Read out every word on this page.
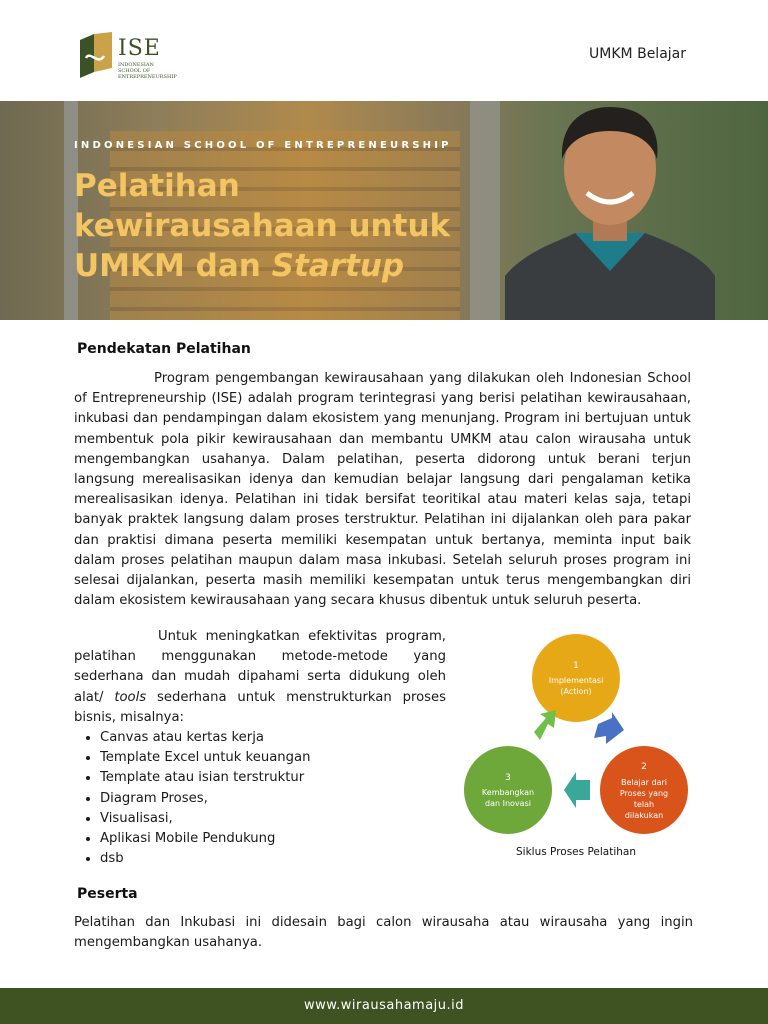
ISE
INDONESIAN
SCHOOL OF
ENTREPRENEURSHIP
UMKM Belajar
INDONESIAN SCHOOL OF ENTREPRENEURSHIP
Pelatihan
kewirausahaan untuk
UMKM dan Startup
Pendekatan Pelatihan
Program pengembangan kewirausahaan yang dilakukan oleh Indonesian School of Entrepreneurship (ISE) adalah program terintegrasi yang berisi pelatihan kewirausahaan, inkubasi dan pendampingan dalam ekosistem yang menunjang. Program ini bertujuan untuk membentuk pola pikir kewirausahaan dan membantu UMKM atau calon wirausaha untuk mengembangkan usahanya. Dalam pelatihan, peserta didorong untuk berani terjun langsung merealisasikan idenya dan kemudian belajar langsung dari pengalaman ketika merealisasikan idenya. Pelatihan ini tidak bersifat teoritikal atau materi kelas saja, tetapi banyak praktek langsung dalam proses terstruktur. Pelatihan ini dijalankan oleh para pakar dan praktisi dimana peserta memiliki kesempatan untuk bertanya, meminta input baik dalam proses pelatihan maupun dalam masa inkubasi. Setelah seluruh proses program ini selesai dijalankan, peserta masih memiliki kesempatan untuk terus mengembangkan diri dalam ekosistem kewirausahaan yang secara khusus dibentuk untuk seluruh peserta.
Untuk meningkatkan efektivitas program, pelatihan menggunakan metode-metode yang sederhana dan mudah dipahami serta didukung oleh alat/ tools sederhana untuk menstrukturkan proses bisnis, misalnya:
• Canvas atau kertas kerja
• Template Excel untuk keuangan
• Template atau isian terstruktur
• Diagram Proses,
• Visualisasi,
• Aplikasi Mobile Pendukung
• dsb
1
Implementasi
(Action)
2
Belajar dari
Proses yang
telah
dilakukan
3
Kembangkan
dan Inovasi
Siklus Proses Pelatihan
Peserta
Pelatihan dan Inkubasi ini didesain bagi calon wirausaha atau wirausaha yang ingin mengembangkan usahanya.
www.wirausahamaju.id
